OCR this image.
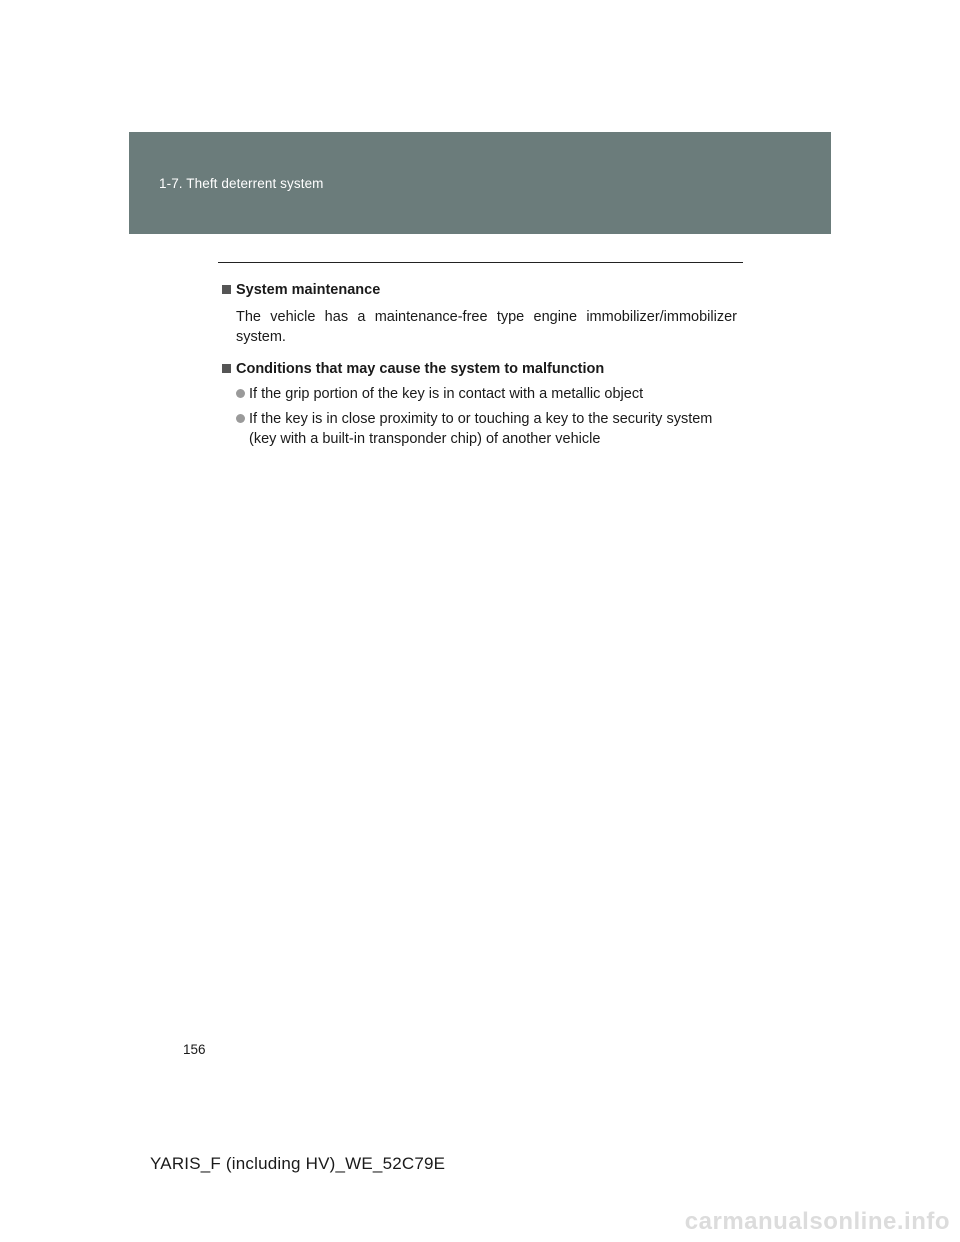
1-7. Theft deterrent system
System maintenance
The vehicle has a maintenance-free type engine immobilizer/immobilizer system.
Conditions that may cause the system to malfunction
If the grip portion of the key is in contact with a metallic object
If the key is in close proximity to or touching a key to the security system (key with a built-in transponder chip) of another vehicle
156
YARIS_F (including HV)_WE_52C79E
carmanualsonline.info
